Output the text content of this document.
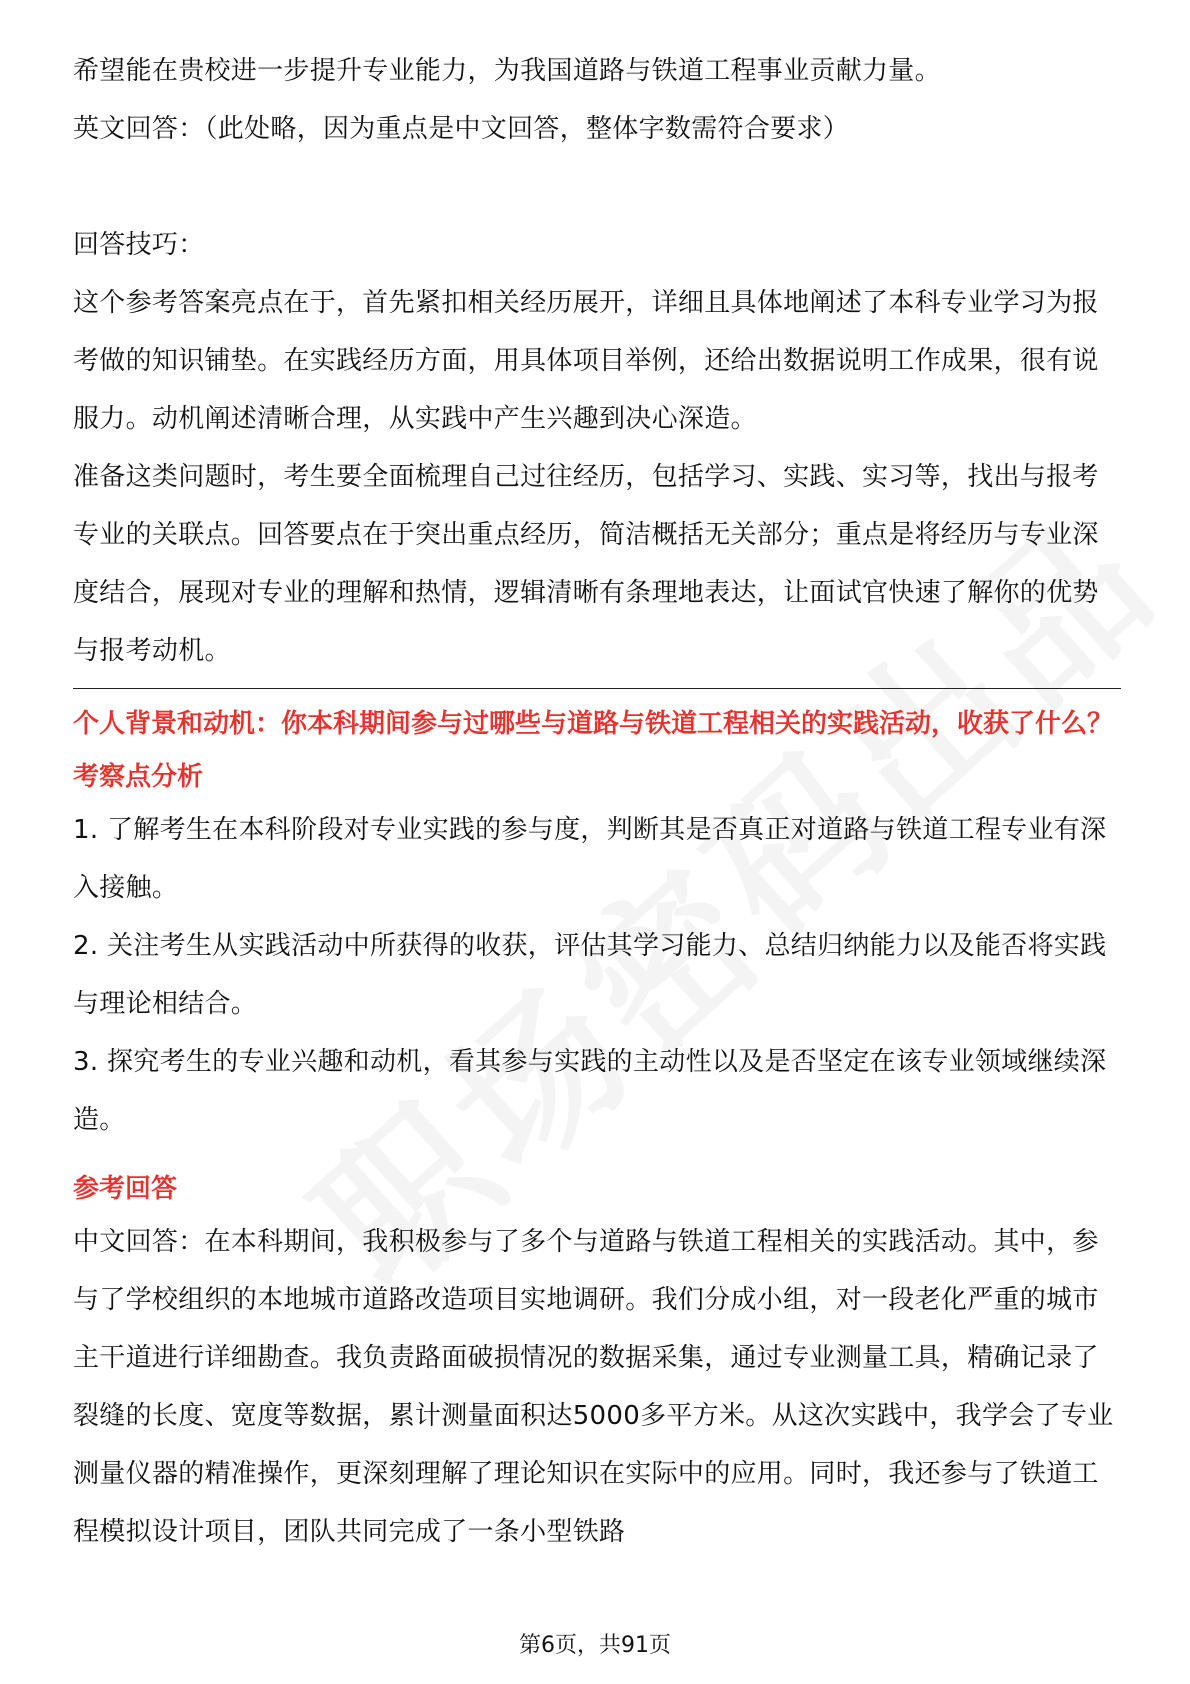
希望能在贵校进一步提升专业能力，为我国道路与铁道工程事业贡献力量。

英文回答：（此处略，因为重点是中文回答，整体字数需符合要求）

回答技巧：

这个参考答案亮点在于，首先紧扣相关经历展开，详细且具体地阐述了本科专业学习为报考做的知识铺垫。在实践经历方面，用具体项目举例，还给出数据说明工作成果，很有说服力。动机阐述清晰合理，从实践中产生兴趣到决心深造。

准备这类问题时，考生要全面梳理自己过往经历，包括学习、实践、实习等，找出与报考专业的关联点。回答要点在于突出重点经历，简洁概括无关部分；重点是将经历与专业深度结合，展现对专业的理解和热情，逻辑清晰有条理地表达，让面试官快速了解你的优势与报考动机。

个人背景和动机：你本科期间参与过哪些与道路与铁道工程相关的实践活动，收获了什么？

考察点分析

1. 了解考生在本科阶段对专业实践的参与度，判断其是否真正对道路与铁道工程专业有深入接触。

2. 关注考生从实践活动中所获得的收获，评估其学习能力、总结归纳能力以及能否将实践与理论相结合。

3. 探究考生的专业兴趣和动机，看其参与实践的主动性以及是否坚定在该专业领域继续深造。

参考回答

中文回答：在本科期间，我积极参与了多个与道路与铁道工程相关的实践活动。其中，参与了学校组织的本地城市道路改造项目实地调研。我们分成小组，对一段老化严重的城市主干道进行详细勘查。我负责路面破损情况的数据采集，通过专业测量工具，精确记录了裂缝的长度、宽度等数据，累计测量面积达5000多平方米。从这次实践中，我学会了专业测量仪器的精准操作，更深刻理解了理论知识在实际中的应用。同时，我还参与了铁道工程模拟设计项目，团队共同完成了一条小型铁路

第6页，共91页
